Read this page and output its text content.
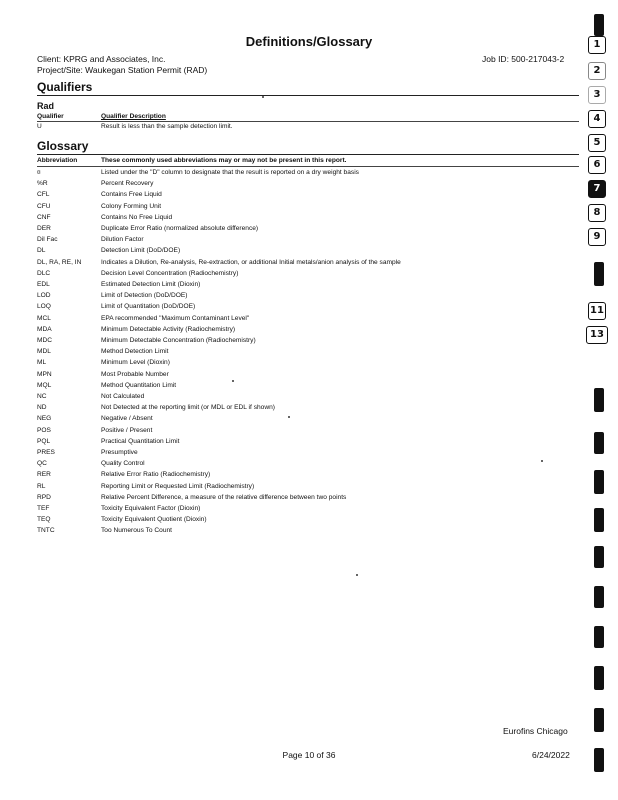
Definitions/Glossary
Client: KPRG and Associates, Inc.
Project/Site: Waukegan Station Permit (RAD)
Job ID: 500-217043-2
Qualifiers
Rad
Qualifier	Qualifier Description
U	Result is less than the sample detection limit.
Glossary
Abbreviation	These commonly used abbreviations may or may not be present in this report.
¤	Listed under the "D" column to designate that the result is reported on a dry weight basis
%R	Percent Recovery
CFL	Contains Free Liquid
CFU	Colony Forming Unit
CNF	Contains No Free Liquid
DER	Duplicate Error Ratio (normalized absolute difference)
Dil Fac	Dilution Factor
DL	Detection Limit (DoD/DOE)
DL, RA, RE, IN	Indicates a Dilution, Re-analysis, Re-extraction, or additional Initial metals/anion analysis of the sample
DLC	Decision Level Concentration (Radiochemistry)
EDL	Estimated Detection Limit (Dioxin)
LOD	Limit of Detection (DoD/DOE)
LOQ	Limit of Quantitation (DoD/DOE)
MCL	EPA recommended "Maximum Contaminant Level"
MDA	Minimum Detectable Activity (Radiochemistry)
MDC	Minimum Detectable Concentration (Radiochemistry)
MDL	Method Detection Limit
ML	Minimum Level (Dioxin)
MPN	Most Probable Number
MQL	Method Quantitation Limit
NC	Not Calculated
ND	Not Detected at the reporting limit (or MDL or EDL if shown)
NEG	Negative / Absent
POS	Positive / Present
PQL	Practical Quantitation Limit
PRES	Presumptive
QC	Quality Control
RER	Relative Error Ratio (Radiochemistry)
RL	Reporting Limit or Requested Limit (Radiochemistry)
RPD	Relative Percent Difference, a measure of the relative difference between two points
TEF	Toxicity Equivalent Factor (Dioxin)
TEQ	Toxicity Equivalent Quotient (Dioxin)
TNTC	Too Numerous To Count
Eurofins Chicago
Page 10 of 36	6/24/2022
1
2
3
4
5
6
7
8
9
11
13
